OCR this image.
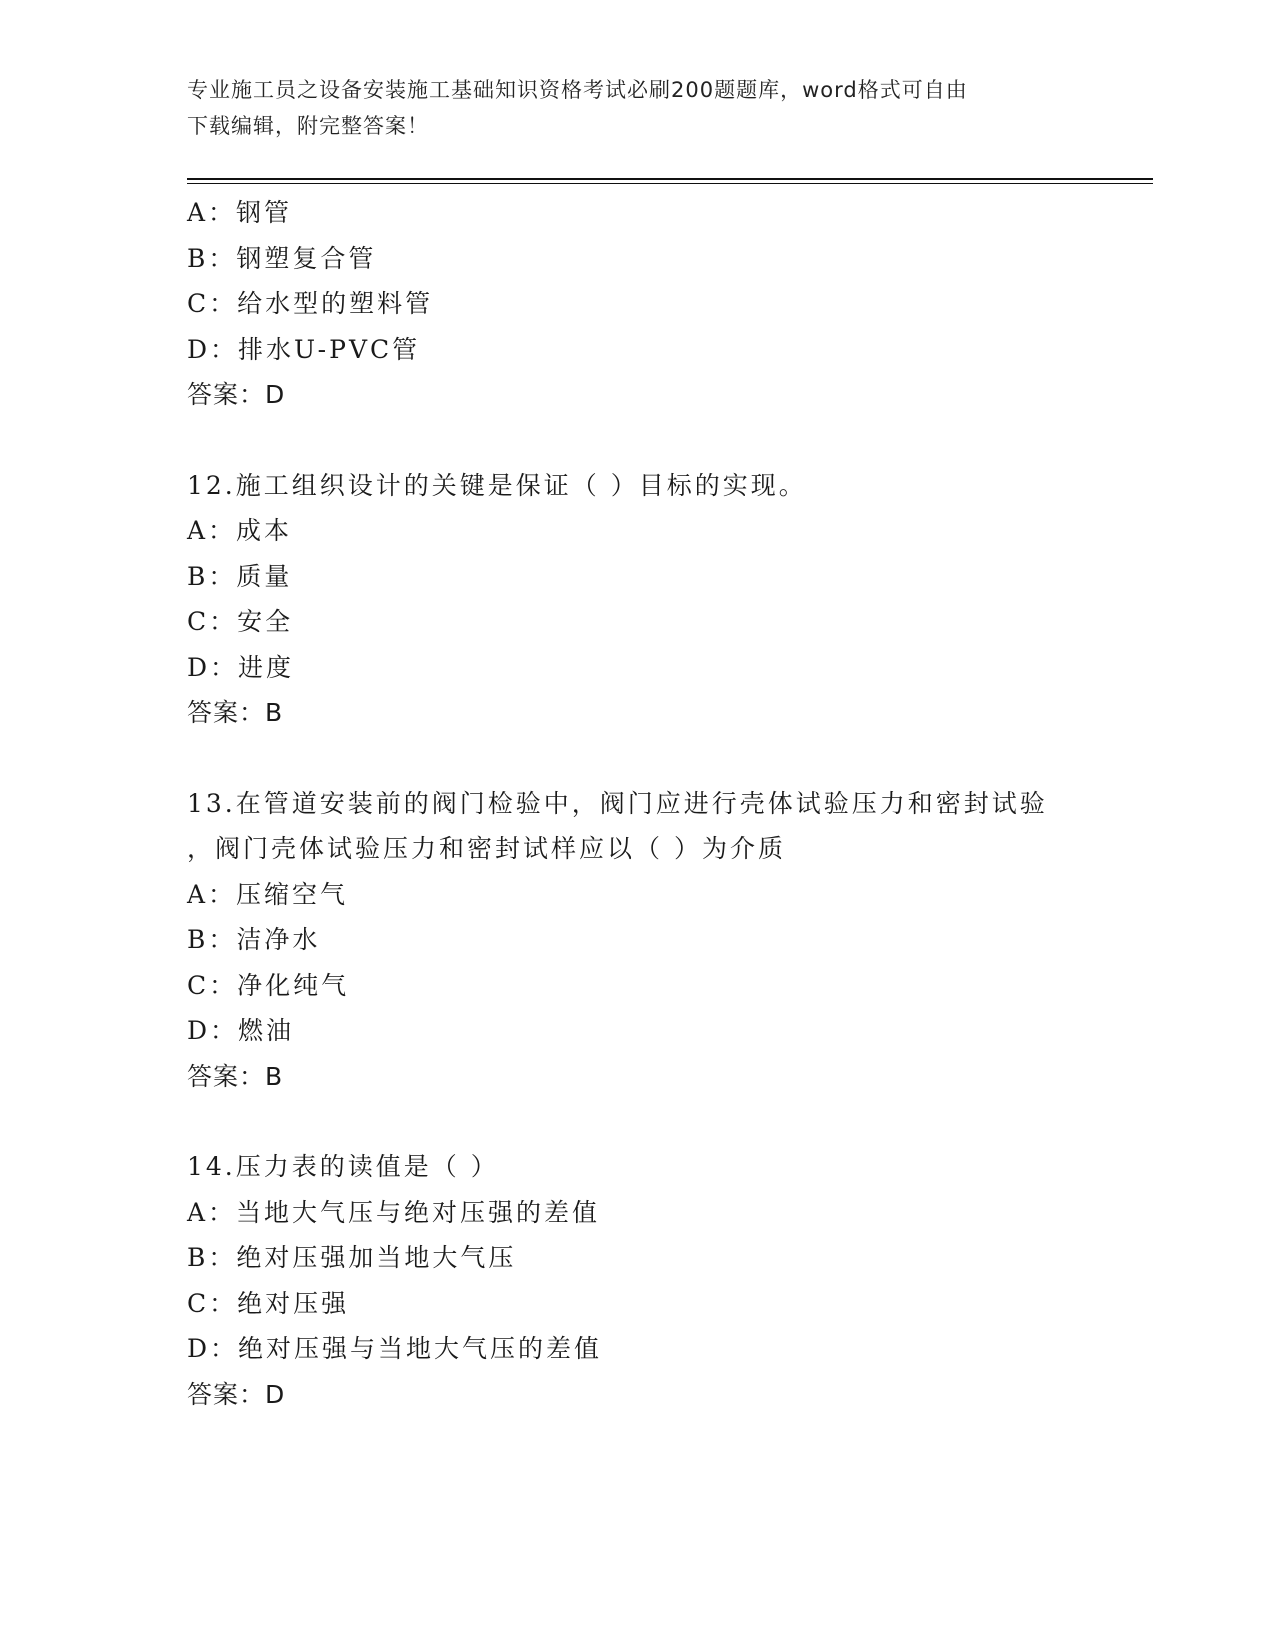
专业施工员之设备安装施工基础知识资格考试必刷200题题库，word格式可自由
下载编辑，附完整答案！
A：钢管
B：钢塑复合管
C：给水型的塑料管
D：排水U-PVC管
答案：D
12.施工组织设计的关键是保证（ ）目标的实现。
A：成本
B：质量
C：安全
D：进度
答案：B
13.在管道安装前的阀门检验中，阀门应进行壳体试验压力和密封试验
，阀门壳体试验压力和密封试样应以（ ）为介质
A：压缩空气
B：洁净水
C：净化纯气
D：燃油
答案：B
14.压力表的读值是（ ）
A：当地大气压与绝对压强的差值
B：绝对压强加当地大气压
C：绝对压强
D：绝对压强与当地大气压的差值
答案：D
